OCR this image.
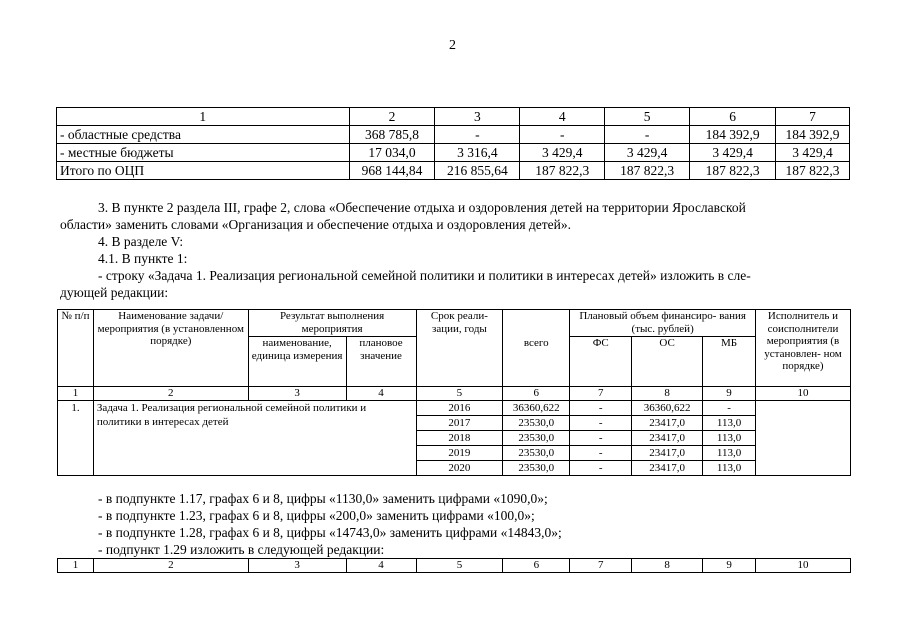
2
1	2	3	4	5	6	7
- областные средства	368 785,8	-	-	-	184 392,9	184 392,9
- местные бюджеты	17 034,0	3 316,4	3 429,4	3 429,4	3 429,4	3 429,4
Итого по ОЦП	968 144,84	216 855,64	187 822,3	187 822,3	187 822,3	187 822,3
3. В пункте 2 раздела III, графе 2, слова «Обеспечение отдыха и оздоровления детей на территории Ярославской
области» заменить словами «Организация и обеспечение отдыха и оздоровления детей».
4. В разделе V:
4.1. В пункте 1:
- строку «Задача 1. Реализация региональной семейной политики и политики в интересах детей» изложить в сле-
дующей редакции:
№ п/п	Наименование задачи/мероприятия (в установленном порядке)	Результат выполнения мероприятия		Срок реали- зации, годы		Плановый объем финансиро- вания (тыс. рублей)			Исполнитель и соисполнители мероприятия (в установлен- ном порядке)
		наименование, единица измерения	плановое значение		всего	ФС	ОС	МБ	
1	2	3	4	5	6	7	8	9	10
1.	Задача 1. Реализация региональной семейной политики и политики в интересах детей			2016	36360,622	-	36360,622	-	
				2017	23530,0	-	23417,0	113,0	
				2018	23530,0	-	23417,0	113,0	
				2019	23530,0	-	23417,0	113,0	
				2020	23530,0	-	23417,0	113,0	
- в подпункте 1.17, графах 6 и 8, цифры «1130,0» заменить цифрами «1090,0»;
- в подпункте 1.23, графах 6 и 8, цифры «200,0» заменить цифрами «100,0»;
- в подпункте 1.28, графах 6 и 8, цифры «14743,0» заменить цифрами «14843,0»;
- подпункт 1.29 изложить в следующей редакции:
1	2	3	4	5	6	7	8	9	10
